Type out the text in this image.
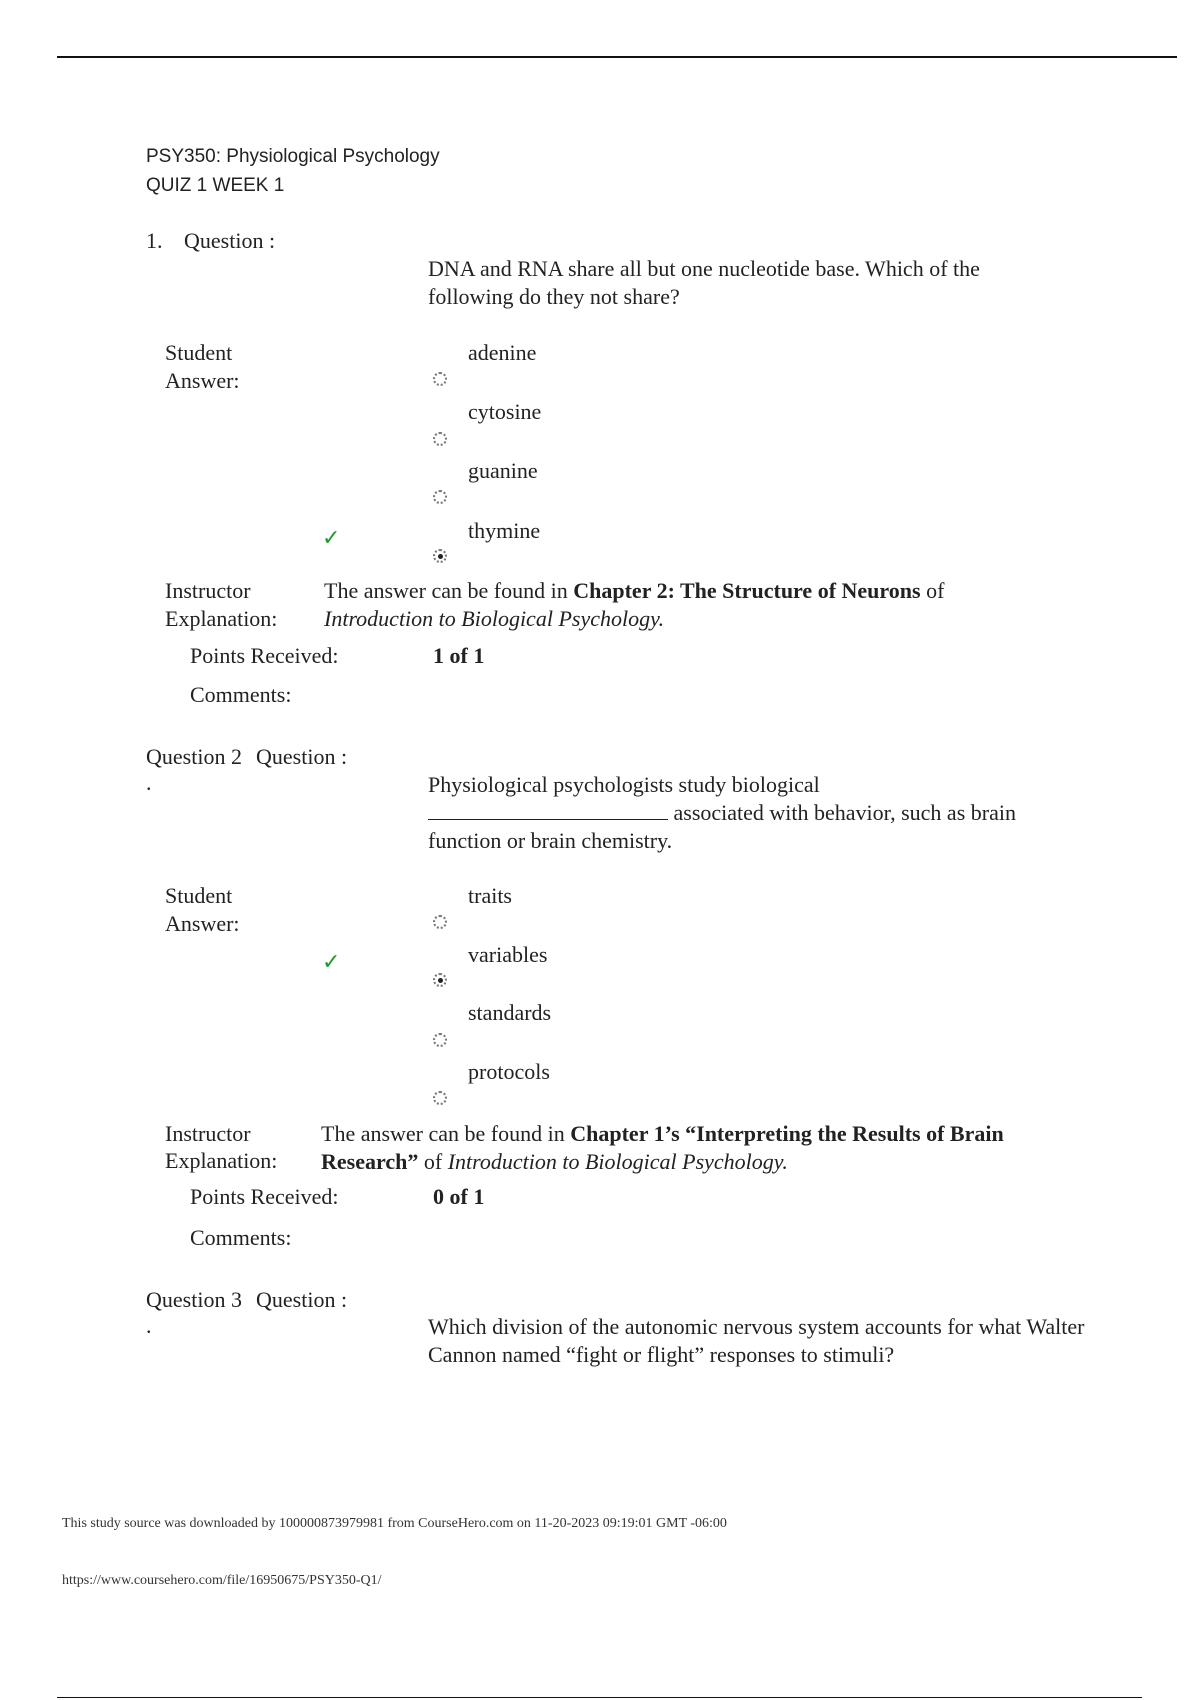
PSY350: Physiological Psychology
QUIZ 1 WEEK 1
1. Question :
DNA and RNA share all but one nucleotide base. Which of the following do they not share?
Student
Answer:
adenine
cytosine
guanine
✓	thymine
Instructor
Explanation:
The answer can be found in Chapter 2: The Structure of Neurons of Introduction to Biological Psychology.
Points Received:	1 of 1
Comments:
Question 2 Question :
.	Physiological psychologists study biological
associated with behavior, such as brain function or brain chemistry.
Student
Answer:
traits
✓	variables
standards
protocols
Instructor
Explanation:
The answer can be found in Chapter 1’s “Interpreting the Results of Brain Research” of Introduction to Biological Psychology.
Points Received:	0 of 1
Comments:
Question 3 Question :
.	Which division of the autonomic nervous system accounts for what Walter Cannon named “fight or flight” responses to stimuli?
This study source was downloaded by 100000873979981 from CourseHero.com on 11-20-2023 09:19:01 GMT -06:00
https://www.coursehero.com/file/16950675/PSY350-Q1/
